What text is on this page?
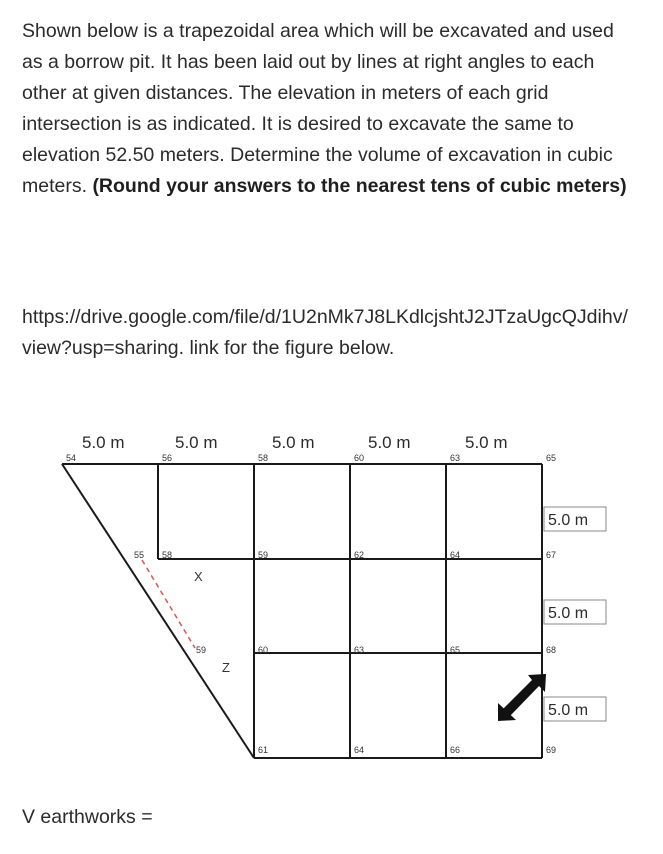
Shown below is a trapezoidal area which will be excavated and used as a borrow pit. It has been laid out by lines at right angles to each other at given distances. The elevation in meters of each grid intersection is as indicated. It is desired to excavate the same to elevation 52.50 meters. Determine the volume of excavation in cubic meters. (Round your answers to the nearest tens of cubic meters)

https://drive.google.com/file/d/1U2nMk7J8LKdlcjshtJ2JTzaUgcQJdihv/view?usp=sharing. link for the figure below.

5.0 m	5.0 m	5.0 m	5.0 m	5.0 m
5.0 m
5.0 m
5.0 m
54	56	58	60	63	65
55 58	59	62	64	67
59	60	63	65	68
61	64	66	69
X
Z

V earthworks =
